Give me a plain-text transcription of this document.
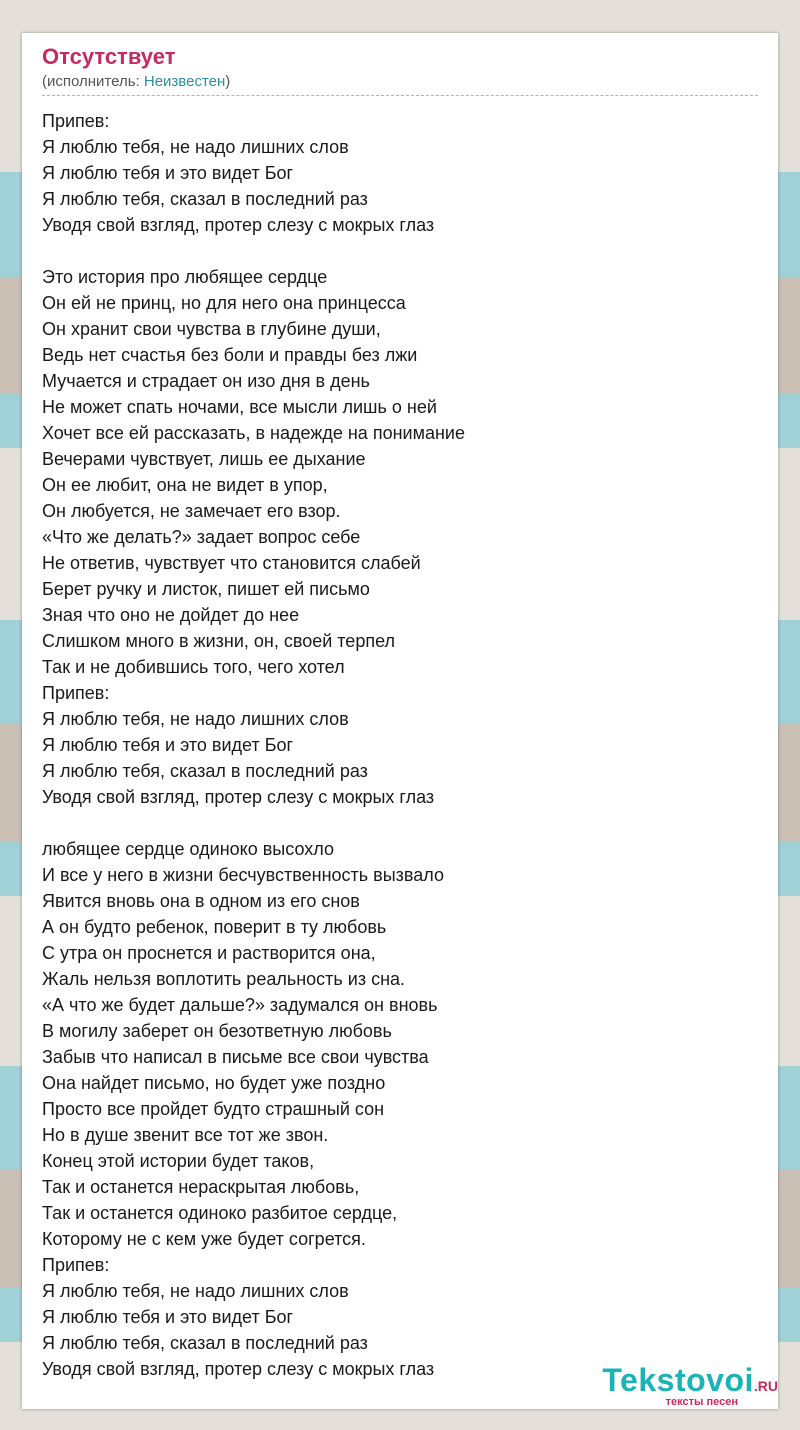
Отсутствует
(исполнитель: Неизвестен)
Припев:
Я люблю тебя, не надо лишних слов
Я люблю тебя и это видет Бог
Я люблю тебя, сказал в последний раз
Уводя свой взгляд, протер слезу с мокрых глаз
Это история про любящее сердце
Он ей не принц, но для него она принцесса
Он хранит свои чувства в глубине души,
Ведь нет счастья без боли и правды без лжи
Мучается и страдает он изо дня в день
Не может спать ночами, все мысли лишь о ней
Хочет все ей рассказать, в надежде на понимание
Вечерами чувствует, лишь ее дыхание
Он ее любит, она не видет в упор,
Он любуется, не замечает его взор.
«Что же делать?» задает вопрос себе
Не ответив, чувствует что становится слабей
Берет ручку и листок, пишет ей письмо
Зная что оно не дойдет до нее
Слишком много в жизни, он, своей терпел
Так и не добившись того, чего хотел
Припев:
Я люблю тебя, не надо лишних слов
Я люблю тебя и это видет Бог
Я люблю тебя, сказал в последний раз
Уводя свой взгляд, протер слезу с мокрых глаз
любящее сердце одиноко высохло
И все у него в жизни бесчувственность вызвало
Явится вновь она в одном из его снов
А он будто ребенок, поверит в ту любовь
С утра он проснется и растворится она,
Жаль нельзя воплотить реальность из сна.
«А что же будет дальше?» задумался он вновь
В могилу заберет он безответную любовь
Забыв что написал в письме все свои чувства
Она найдет письмо, но будет уже поздно
Просто все пройдет будто страшный сон
Но в душе звенит все тот же звон.
Конец этой истории будет таков,
Так и останется нераскрытая любовь,
Так и останется одиноко разбитое сердце,
Которому не с кем уже будет согрется.
Припев:
Я люблю тебя, не надо лишних слов
Я люблю тебя и это видет Бог
Я люблю тебя, сказал в последний раз
Уводя свой взгляд, протер слезу с мокрых глаз	Tekstovoi.RU
тексты песен
